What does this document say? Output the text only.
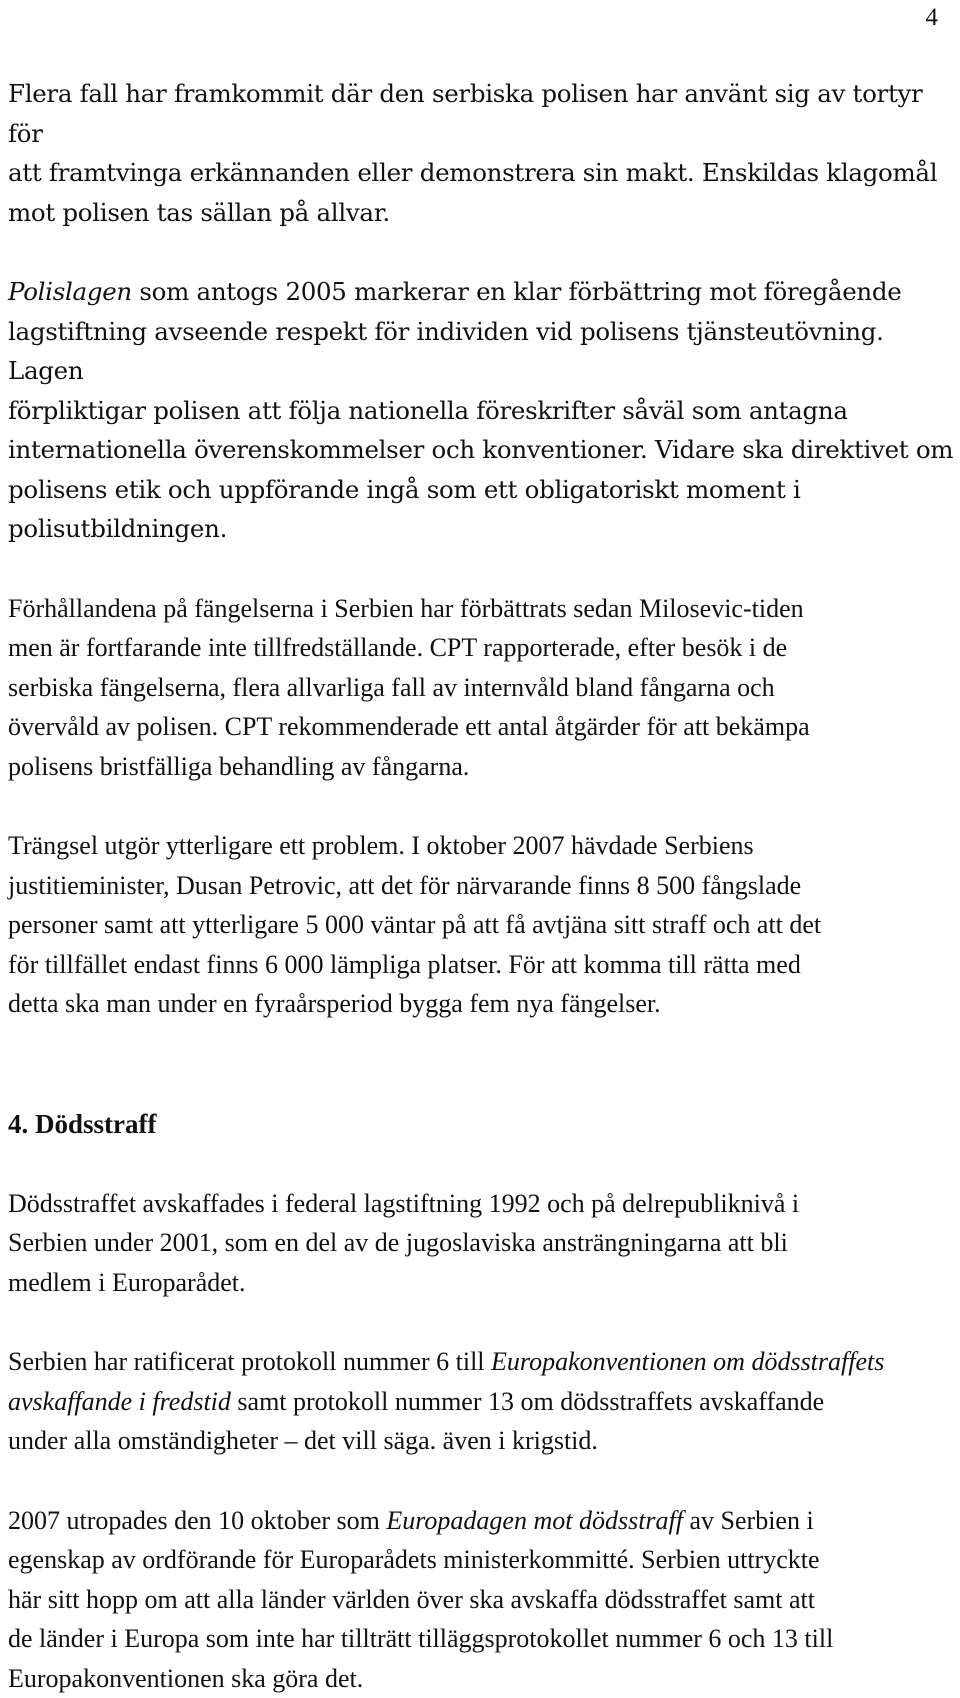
4

Flera fall har framkommit där den serbiska polisen har använt sig av tortyr för
att framtvinga erkännanden eller demonstrera sin makt. Enskildas klagomål
mot polisen tas sällan på allvar.

Polislagen som antogs 2005 markerar en klar förbättring mot föregående
lagstiftning avseende respekt för individen vid polisens tjänsteutövning. Lagen
förpliktigar polisen att följa nationella föreskrifter såväl som antagna
internationella överenskommelser och konventioner. Vidare ska direktivet om
polisens etik och uppförande ingå som ett obligatoriskt moment i
polisutbildningen.

Förhållandena på fängelserna i Serbien har förbättrats sedan Milosevic-tiden
men är fortfarande inte tillfredställande. CPT rapporterade, efter besök i de
serbiska fängelserna, flera allvarliga fall av internvåld bland fångarna och
övervåld av polisen. CPT rekommenderade ett antal åtgärder för att bekämpa
polisens bristfälliga behandling av fångarna.

Trängsel utgör ytterligare ett problem. I oktober 2007 hävdade Serbiens
justitieminister, Dusan Petrovic, att det för närvarande finns 8 500 fångslade
personer samt att ytterligare 5 000 väntar på att få avtjäna sitt straff och att det
för tillfället endast finns 6 000 lämpliga platser. För att komma till rätta med
detta ska man under en fyraårsperiod bygga fem nya fängelser.

4. Dödsstraff

Dödsstraffet avskaffades i federal lagstiftning 1992 och på delrepubliknivå i
Serbien under 2001, som en del av de jugoslaviska ansträngningarna att bli
medlem i Europarådet.

Serbien har ratificerat protokoll nummer 6 till Europakonventionen om dödsstraffets
avskaffande i fredstid samt protokoll nummer 13 om dödsstraffets avskaffande
under alla omständigheter – det vill säga. även i krigstid.

2007 utropades den 10 oktober som Europadagen mot dödsstraff av Serbien i
egenskap av ordförande för Europarådets ministerkommitté. Serbien uttryckte
här sitt hopp om att alla länder världen över ska avskaffa dödsstraffet samt att
de länder i Europa som inte har tillträtt tilläggsprotokollet nummer 6 och 13 till
Europakonventionen ska göra det.
